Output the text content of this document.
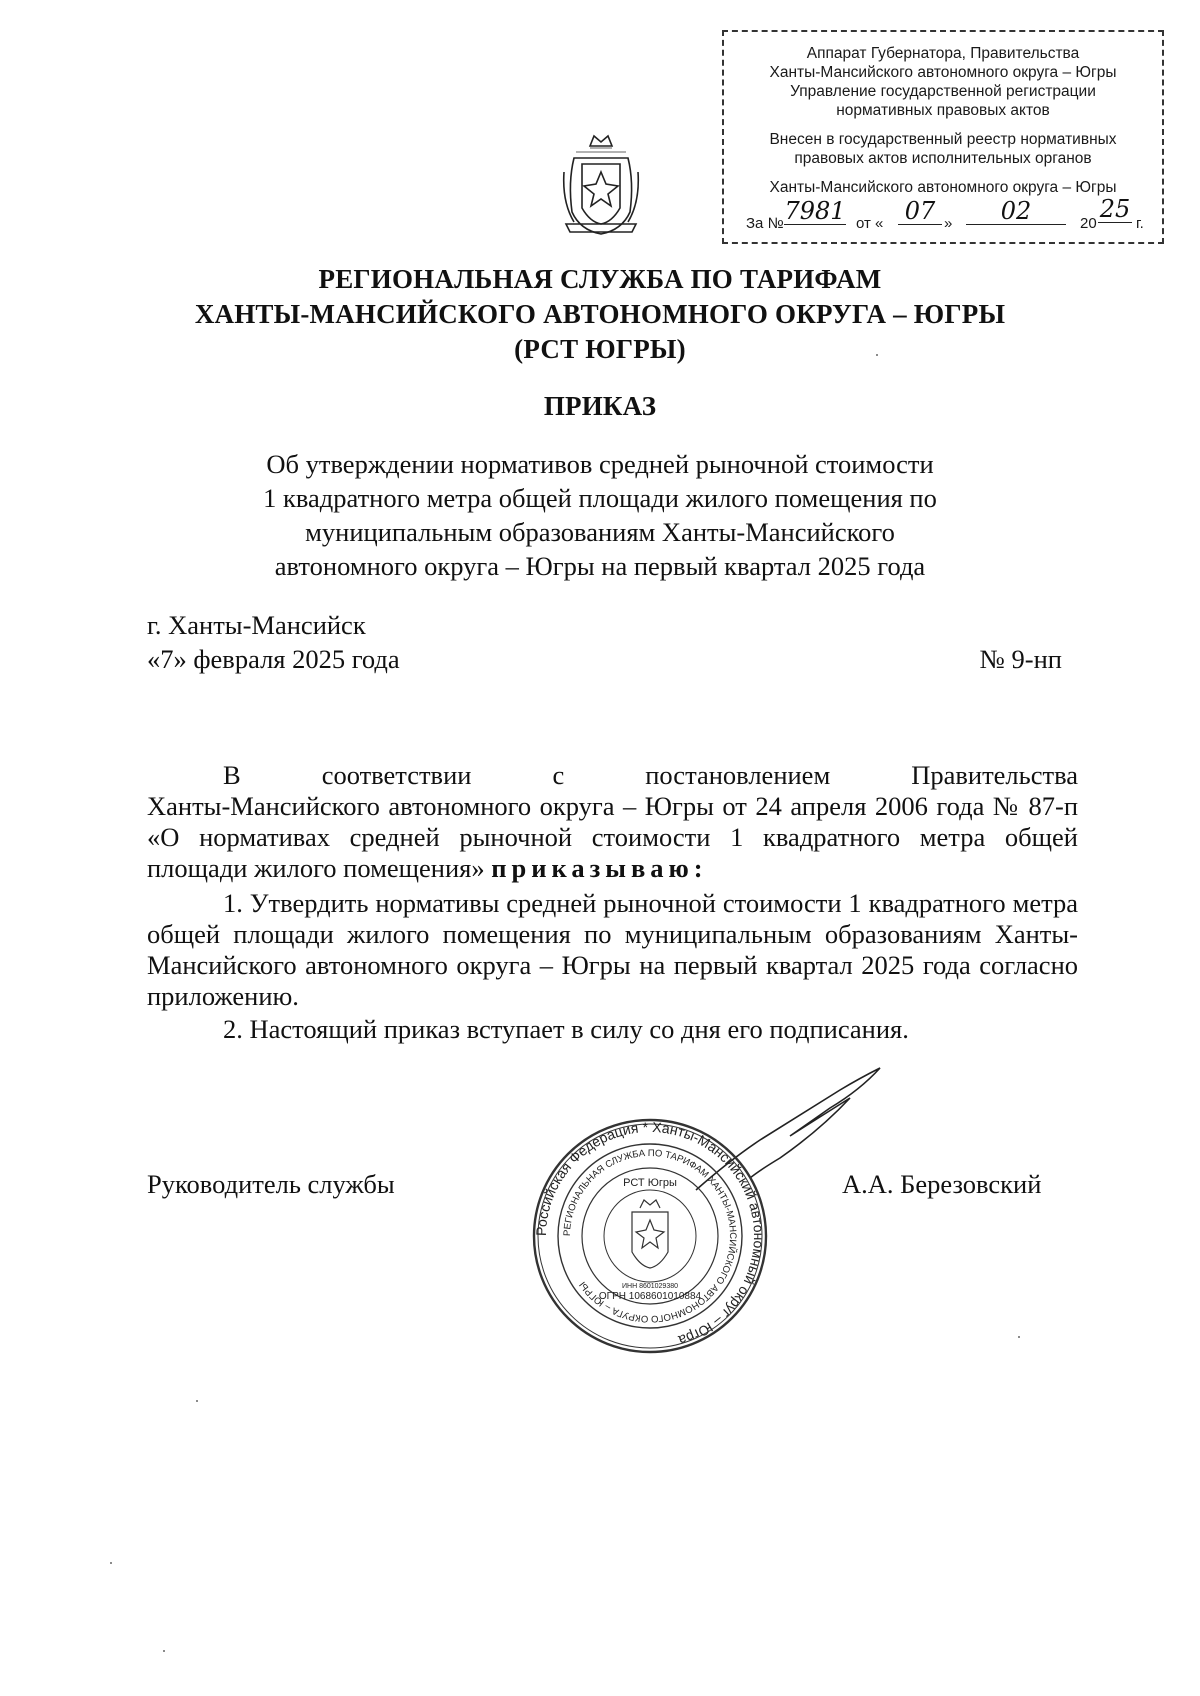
Аппарат Губернатора, Правительства
Ханты-Мансийского автономного округа – Югры
Управление государственной регистрации
нормативных правовых актов
Внесен в государственный реестр нормативных
правовых актов исполнительных органов
Ханты-Мансийского автономного округа – Югры
За № 7981 от « 07 »	02	20
25
г.
РЕГИОНАЛЬНАЯ СЛУЖБА ПО ТАРИФАМ
ХАНТЫ-МАНСИЙСКОГО АВТОНОМНОГО ОКРУГА – ЮГРЫ
(РСТ ЮГРЫ)
ПРИКАЗ
Об утверждении нормативов средней рыночной стоимости
1 квадратного метра общей площади жилого помещения по
муниципальным образованиям Ханты-Мансийского
автономного округа – Югры на первый квартал 2025 года
г. Ханты-Мансийск
«7» февраля 2025 года	№ 9-нп
В соответствии с постановлением Правительства
Ханты-Мансийского автономного округа – Югры от 24 апреля 2006 года № 87-п «О нормативах средней рыночной стоимости 1 квадратного метра общей площади жилого помещения» приказываю:
1. Утвердить нормативы средней рыночной стоимости 1 квадратного метра общей площади жилого помещения по муниципальным образованиям Ханты-Мансийского автономного округа – Югры на первый квартал 2025 года согласно приложению.
2. Настоящий приказ вступает в силу со дня его подписания.
Руководитель службы	А.А. Березовский
Российская Федерация * Ханты-Мансийский автономный округ – Югра
РЕГИОНАЛЬНАЯ СЛУЖБА ПО ТАРИФАМ ХАНТЫ-МАНСИЙСКОГО АВТОНОМНОГО ОКРУГА – ЮГРЫ
РСТ Югры
ОГРН 1068601010884
ИНН 8601029380
